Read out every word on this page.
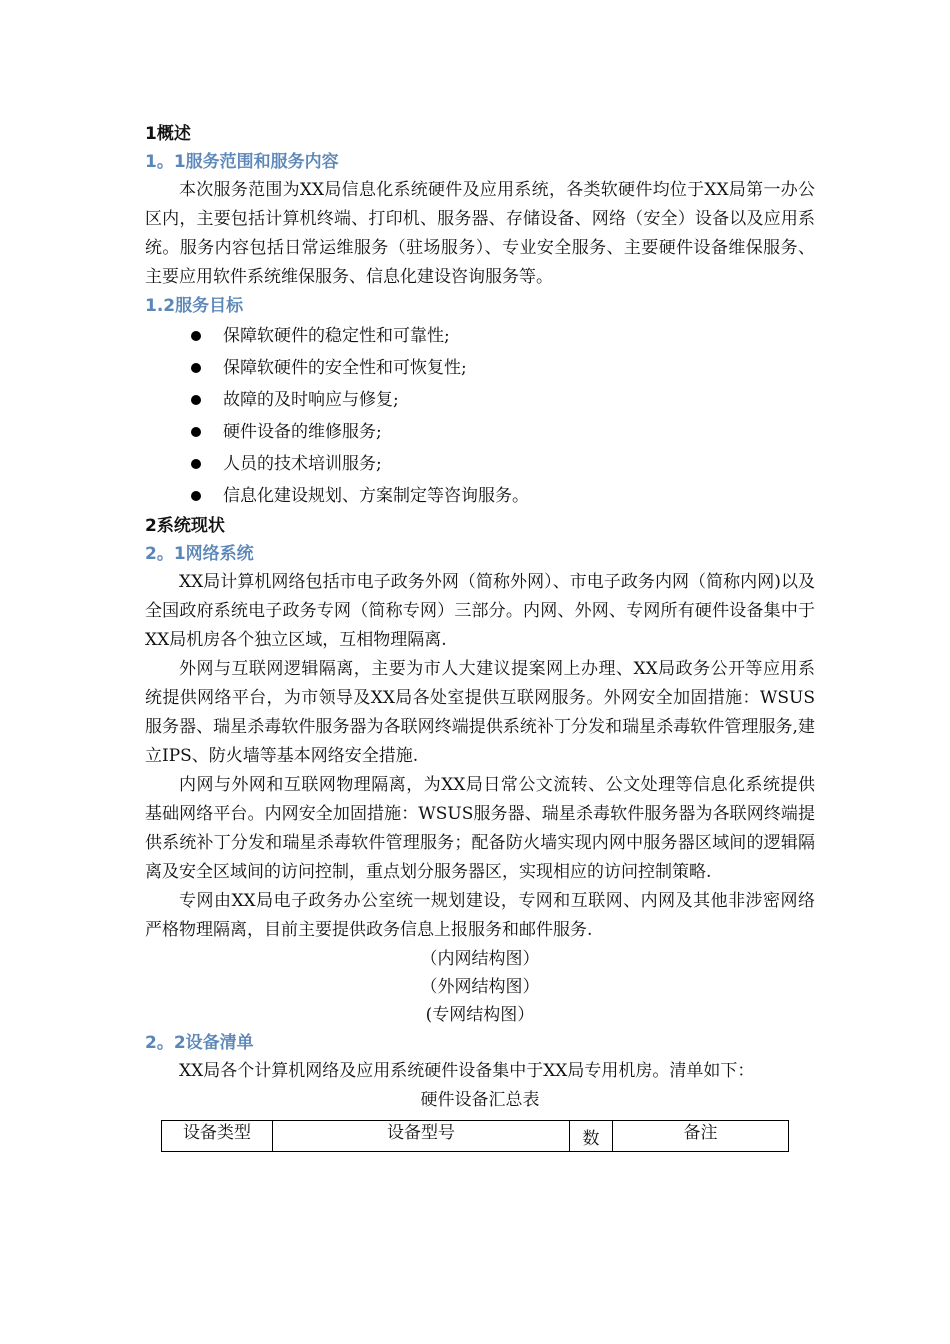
1概述
1。1服务范围和服务内容

本次服务范围为XX局信息化系统硬件及应用系统，各类软硬件均位于XX局第一办公区内，主要包括计算机终端、打印机、服务器、存储设备、网络（安全）设备以及应用系统。服务内容包括日常运维服务（驻场服务）、专业安全服务、主要硬件设备维保服务、主要应用软件系统维保服务、信息化建设咨询服务等。

1.2服务目标
保障软硬件的稳定性和可靠性;
保障软硬件的安全性和可恢复性;
故障的及时响应与修复;
硬件设备的维修服务;
人员的技术培训服务;
信息化建设规划、方案制定等咨询服务。
2系统现状
2。1网络系统

XX局计算机网络包括市电子政务外网（简称外网）、市电子政务内网（简称内网)以及全国政府系统电子政务专网（简称专网）三部分。内网、外网、专网所有硬件设备集中于XX局机房各个独立区域，互相物理隔离.

外网与互联网逻辑隔离，主要为市人大建议提案网上办理、XX局政务公开等应用系统提供网络平台，为市领导及XX局各处室提供互联网服务。外网安全加固措施：WSUS服务器、瑞星杀毒软件服务器为各联网终端提供系统补丁分发和瑞星杀毒软件管理服务,建立IPS、防火墙等基本网络安全措施.

内网与外网和互联网物理隔离，为XX局日常公文流转、公文处理等信息化系统提供基础网络平台。内网安全加固措施：WSUS服务器、瑞星杀毒软件服务器为各联网终端提供系统补丁分发和瑞星杀毒软件管理服务；配备防火墙实现内网中服务器区域间的逻辑隔离及安全区域间的访问控制，重点划分服务器区，实现相应的访问控制策略.

专网由XX局电子政务办公室统一规划建设，专网和互联网、内网及其他非涉密网络严格物理隔离，目前主要提供政务信息上报服务和邮件服务.

（内网结构图）
（外网结构图）
(专网结构图）
2。2设备清单

XX局各个计算机网络及应用系统硬件设备集中于XX局专用机房。清单如下：

硬件设备汇总表
设备类型	设备型号	数	备注
